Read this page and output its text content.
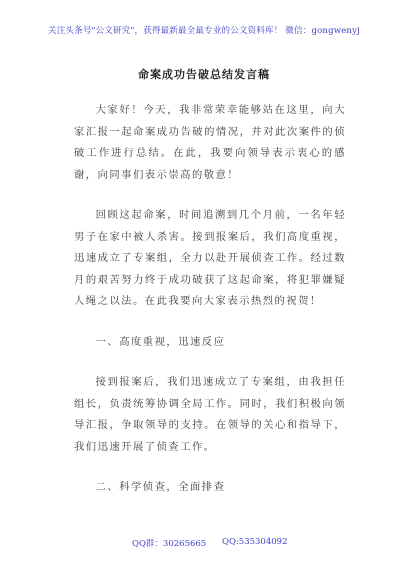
关注头条号"公文研究"，获得最新最全最专业的公文资料库！ 微信：gongwenyj
命案成功告破总结发言稿

大家好！今天，我非常荣幸能够站在这里，向大家汇报一起命案成功告破的情况，并对此次案件的侦破工作进行总结。在此，我要向领导表示衷心的感谢，向同事们表示崇高的敬意！

回顾这起命案，时间追溯到几个月前，一名年轻男子在家中被人杀害。接到报案后，我们高度重视，迅速成立了专案组，全力以赴开展侦查工作。经过数月的艰苦努力终于成功破获了这起命案，将犯罪嫌疑人绳之以法。在此我要向大家表示热烈的祝贺！

一、高度重视，迅速反应

接到报案后，我们迅速成立了专案组，由我担任组长，负责统筹协调全局工作。同时，我们积极向领导汇报，争取领导的支持。在领导的关心和指导下，我们迅速开展了侦查工作。

二、科学侦查，全面排查

QQ群：30265665 QQ:535304092
